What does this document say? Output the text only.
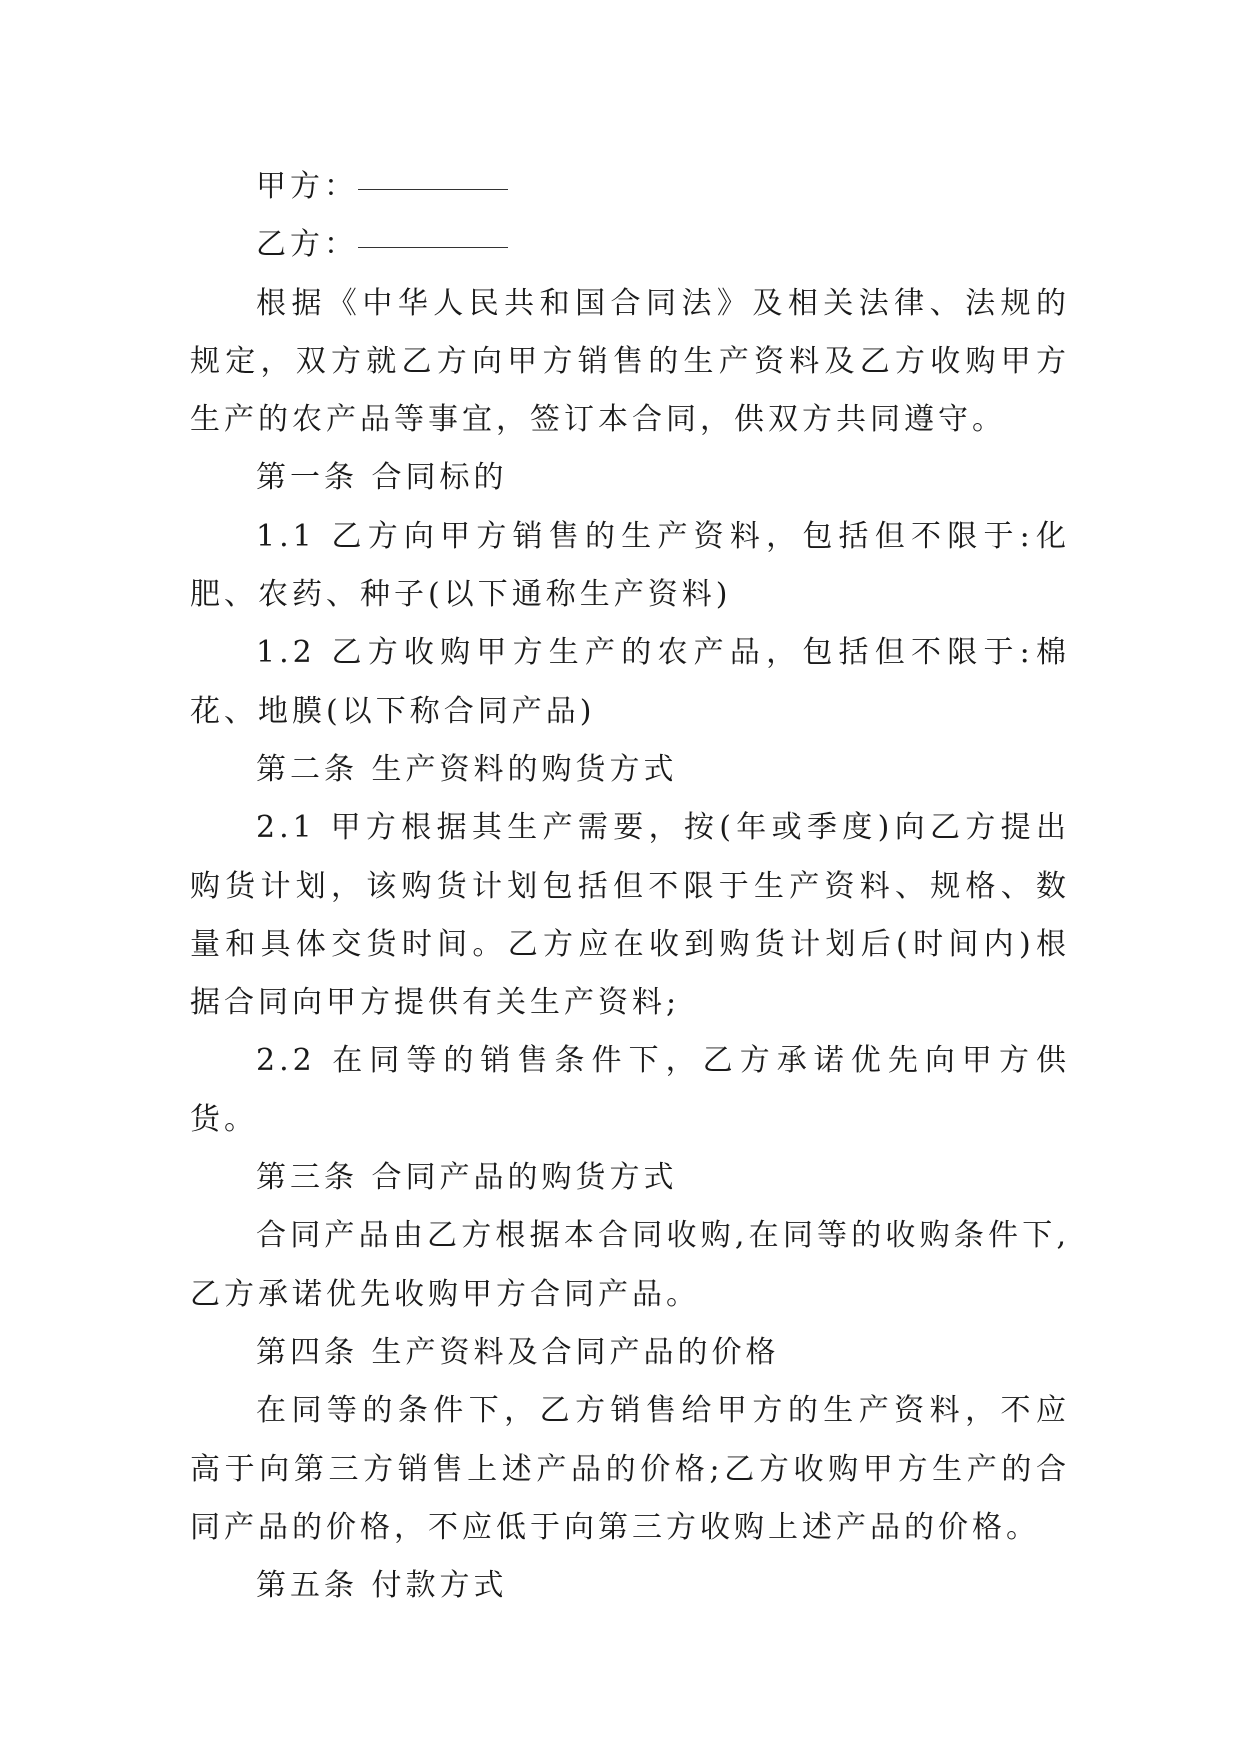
甲方：

乙方：

根据《中华人民共和国合同法》及相关法律、法规的规定，双方就乙方向甲方销售的生产资料及乙方收购甲方生产的农产品等事宜，签订本合同，供双方共同遵守。

第一条 合同标的

1.1 乙方向甲方销售的生产资料，包括但不限于:化肥、农药、种子(以下通称生产资料)

1.2 乙方收购甲方生产的农产品，包括但不限于:棉花、地膜(以下称合同产品)

第二条 生产资料的购货方式

2.1 甲方根据其生产需要，按(年或季度)向乙方提出购货计划，该购货计划包括但不限于生产资料、规格、数量和具体交货时间。乙方应在收到购货计划后(时间内)根据合同向甲方提供有关生产资料;

2.2 在同等的销售条件下，乙方承诺优先向甲方供货。

第三条 合同产品的购货方式

合同产品由乙方根据本合同收购,在同等的收购条件下,乙方承诺优先收购甲方合同产品。

第四条 生产资料及合同产品的价格

在同等的条件下，乙方销售给甲方的生产资料，不应高于向第三方销售上述产品的价格;乙方收购甲方生产的合同产品的价格，不应低于向第三方收购上述产品的价格。

第五条 付款方式
